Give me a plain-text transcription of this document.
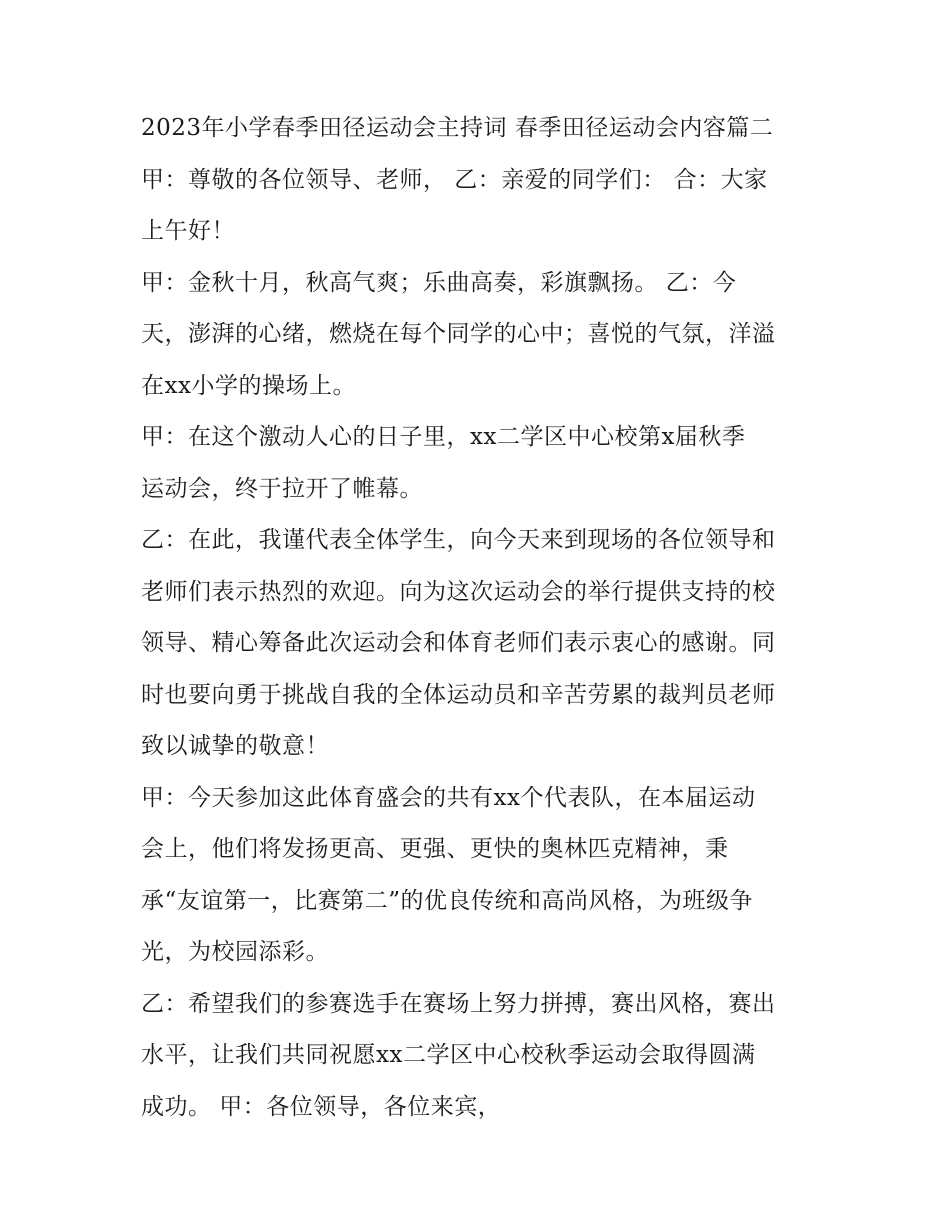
2023年小学春季田径运动会主持词 春季田径运动会内容篇二
甲：尊敬的各位领导、老师， 乙：亲爱的同学们： 合：大家
上午好！
甲：金秋十月，秋高气爽；乐曲高奏，彩旗飘扬。 乙：今
天，澎湃的心绪，燃烧在每个同学的心中；喜悦的气氛，洋溢
在xx小学的操场上。
甲：在这个激动人心的日子里，xx二学区中心校第x届秋季
运动会，终于拉开了帷幕。
乙：在此，我谨代表全体学生，向今天来到现场的各位领导和
老师们表示热烈的欢迎。向为这次运动会的举行提供支持的校
领导、精心筹备此次运动会和体育老师们表示衷心的感谢。同
时也要向勇于挑战自我的全体运动员和辛苦劳累的裁判员老师
致以诚挚的敬意！
甲：今天参加这此体育盛会的共有xx个代表队，在本届运动
会上，他们将发扬更高、更强、更快的奥林匹克精神，秉
承“友谊第一，比赛第二”的优良传统和高尚风格，为班级争
光，为校园添彩。
乙：希望我们的参赛选手在赛场上努力拼搏，赛出风格，赛出
水平，让我们共同祝愿xx二学区中心校秋季运动会取得圆满
成功。 甲：各位领导，各位来宾，
